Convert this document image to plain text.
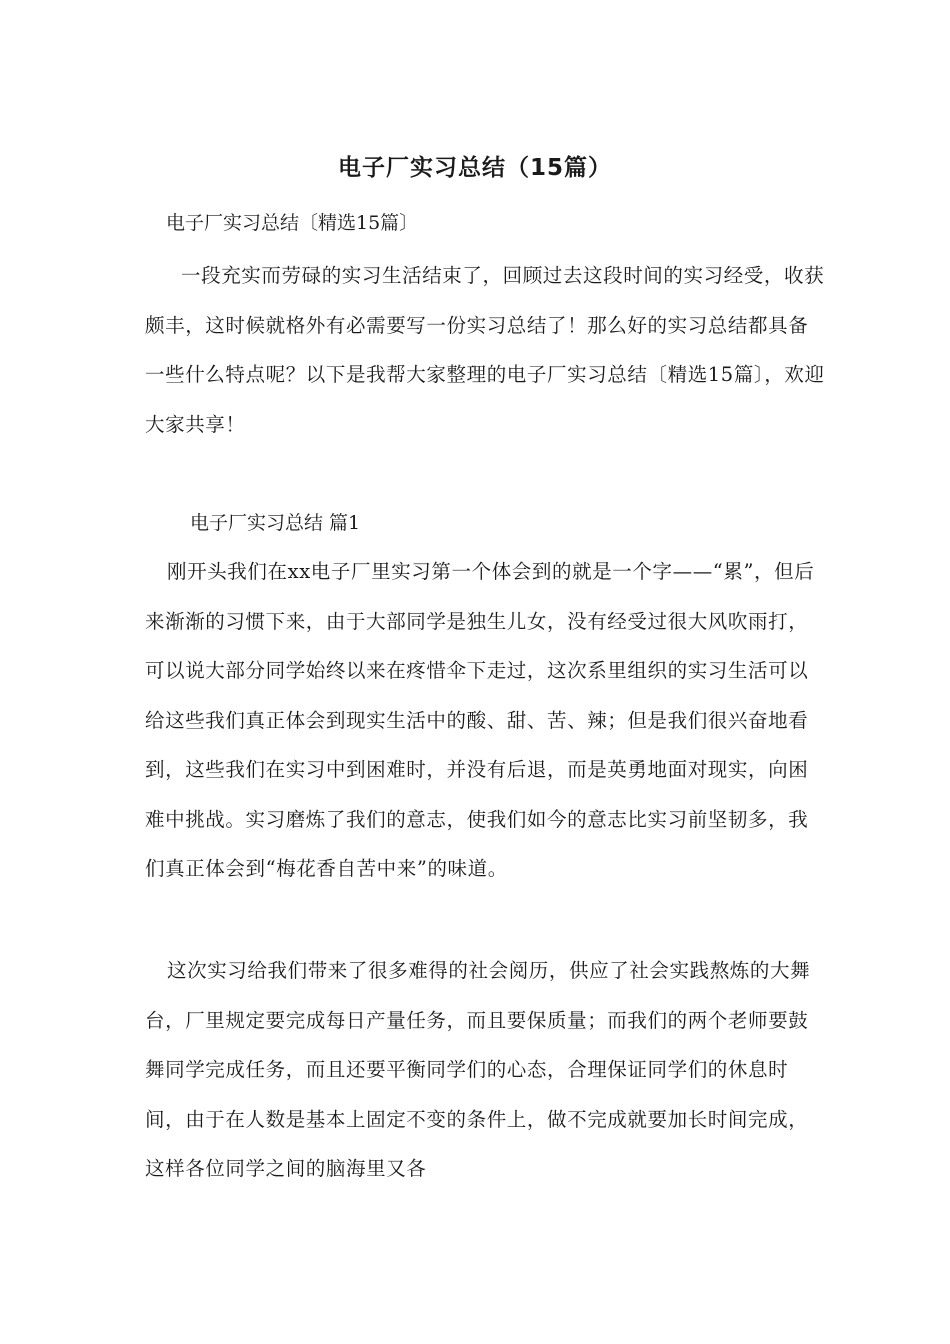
电子厂实习总结（15篇）
电子厂实习总结〔精选15篇〕

一段充实而劳碌的实习生活结束了，回顾过去这段时间的实习经受，收获颇丰，这时候就格外有必需要写一份实习总结了！那么好的实习总结都具备一些什么特点呢？以下是我帮大家整理的电子厂实习总结〔精选15篇〕，欢迎大家共享！

电子厂实习总结 篇1

刚开头我们在xx电子厂里实习第一个体会到的就是一个字——“累”，但后来渐渐的习惯下来，由于大部同学是独生儿女，没有经受过很大风吹雨打，可以说大部分同学始终以来在疼惜伞下走过，这次系里组织的实习生活可以给这些我们真正体会到现实生活中的酸、甜、苦、辣；但是我们很兴奋地看到，这些我们在实习中到困难时，并没有后退，而是英勇地面对现实，向困难中挑战。实习磨炼了我们的意志，使我们如今的意志比实习前坚韧多，我们真正体会到“梅花香自苦中来”的味道。

这次实习给我们带来了很多难得的社会阅历，供应了社会实践熬炼的大舞台，厂里规定要完成每日产量任务，而且要保质量；而我们的两个老师要鼓舞同学完成任务，而且还要平衡同学们的心态，合理保证同学们的休息时间，由于在人数是基本上固定不变的条件上，做不完成就要加长时间完成，这样各位同学之间的脑海里又各
